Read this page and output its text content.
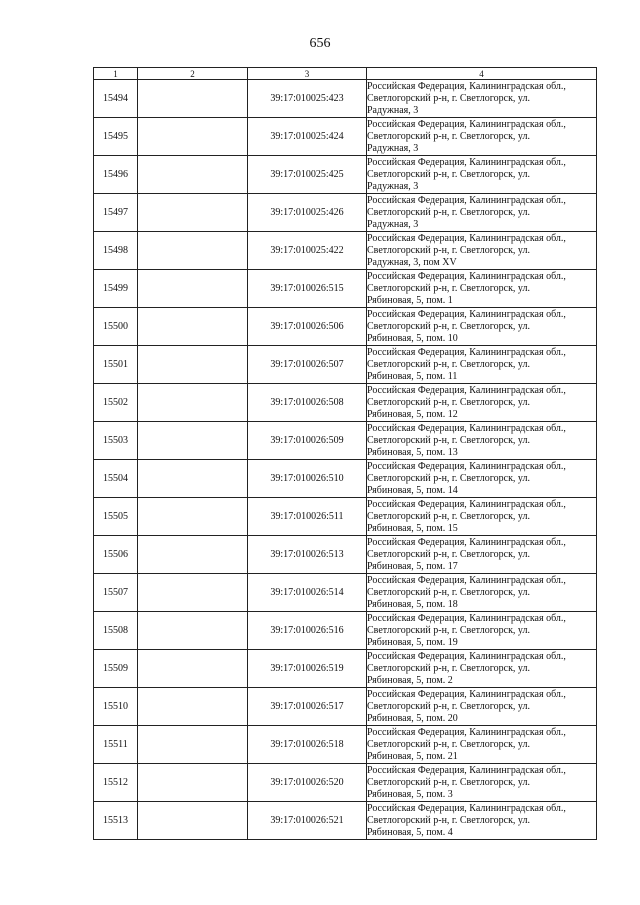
656
1	2	3	4
15494		39:17:010025:423	Российская Федерация, Калининградская обл.,
Светлогорский р-н, г. Светлогорск, ул.
Радужная, 3
15495		39:17:010025:424	Российская Федерация, Калининградская обл.,
Светлогорский р-н, г. Светлогорск, ул.
Радужная, 3
15496		39:17:010025:425	Российская Федерация, Калининградская обл.,
Светлогорский р-н, г. Светлогорск, ул.
Радужная, 3
15497		39:17:010025:426	Российская Федерация, Калининградская обл.,
Светлогорский р-н, г. Светлогорск, ул.
Радужная, 3
15498		39:17:010025:422	Российская Федерация, Калининградская обл.,
Светлогорский р-н, г. Светлогорск, ул.
Радужная, 3, пом XV
15499		39:17:010026:515	Российская Федерация, Калининградская обл.,
Светлогорский р-н, г. Светлогорск, ул.
Рябиновая, 5, пом. 1
15500		39:17:010026:506	Российская Федерация, Калининградская обл.,
Светлогорский р-н, г. Светлогорск, ул.
Рябиновая, 5, пом. 10
15501		39:17:010026:507	Российская Федерация, Калининградская обл.,
Светлогорский р-н, г. Светлогорск, ул.
Рябиновая, 5, пом. 11
15502		39:17:010026:508	Российская Федерация, Калининградская обл.,
Светлогорский р-н, г. Светлогорск, ул.
Рябиновая, 5, пом. 12
15503		39:17:010026:509	Российская Федерация, Калининградская обл.,
Светлогорский р-н, г. Светлогорск, ул.
Рябиновая, 5, пом. 13
15504		39:17:010026:510	Российская Федерация, Калининградская обл.,
Светлогорский р-н, г. Светлогорск, ул.
Рябиновая, 5, пом. 14
15505		39:17:010026:511	Российская Федерация, Калининградская обл.,
Светлогорский р-н, г. Светлогорск, ул.
Рябиновая, 5, пом. 15
15506		39:17:010026:513	Российская Федерация, Калининградская обл.,
Светлогорский р-н, г. Светлогорск, ул.
Рябиновая, 5, пом. 17
15507		39:17:010026:514	Российская Федерация, Калининградская обл.,
Светлогорский р-н, г. Светлогорск, ул.
Рябиновая, 5, пом. 18
15508		39:17:010026:516	Российская Федерация, Калининградская обл.,
Светлогорский р-н, г. Светлогорск, ул.
Рябиновая, 5, пом. 19
15509		39:17:010026:519	Российская Федерация, Калининградская обл.,
Светлогорский р-н, г. Светлогорск, ул.
Рябиновая, 5, пом. 2
15510		39:17:010026:517	Российская Федерация, Калининградская обл.,
Светлогорский р-н, г. Светлогорск, ул.
Рябиновая, 5, пом. 20
15511		39:17:010026:518	Российская Федерация, Калининградская обл.,
Светлогорский р-н, г. Светлогорск, ул.
Рябиновая, 5, пом. 21
15512		39:17:010026:520	Российская Федерация, Калининградская обл.,
Светлогорский р-н, г. Светлогорск, ул.
Рябиновая, 5, пом. 3
15513		39:17:010026:521	Российская Федерация, Калининградская обл.,
Светлогорский р-н, г. Светлогорск, ул.
Рябиновая, 5, пом. 4
